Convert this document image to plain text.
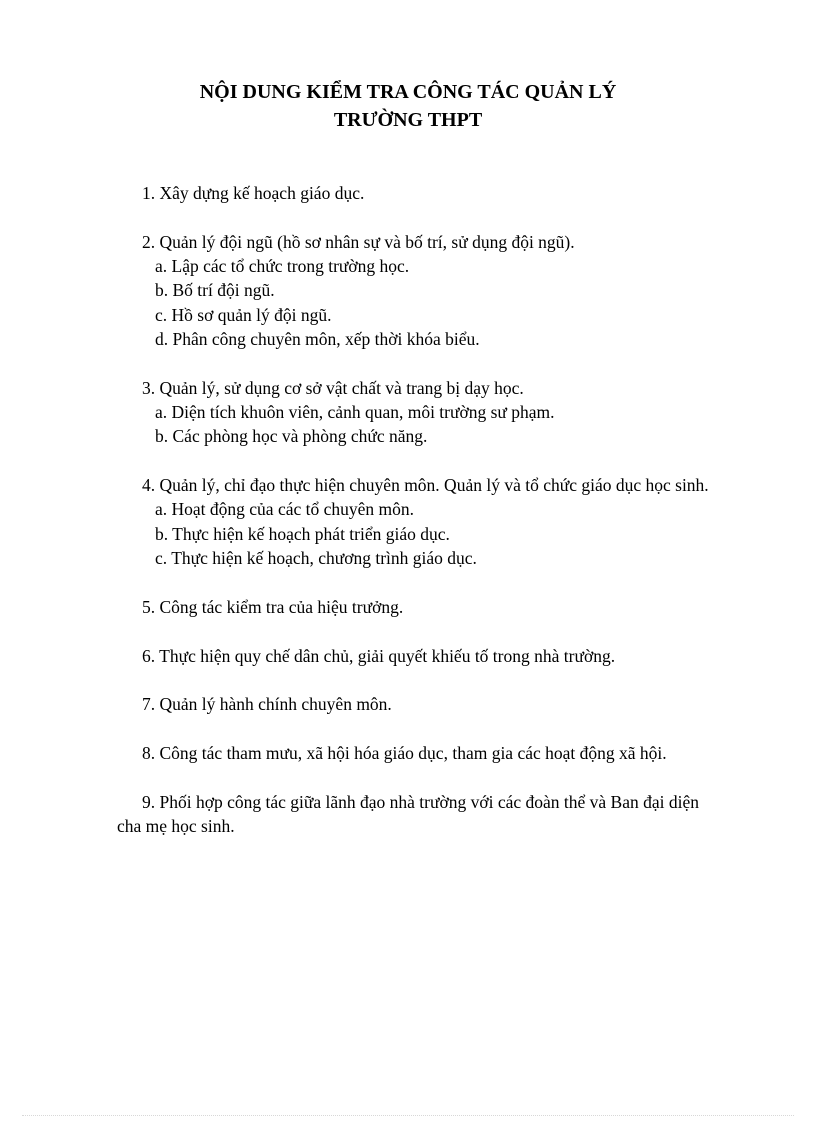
NỘI DUNG KIỂM TRA CÔNG TÁC QUẢN LÝ
TRƯỜNG THPT

1. Xây dựng kế hoạch giáo dục.

2. Quản lý đội ngũ (hồ sơ nhân sự và bố trí, sử dụng đội ngũ).

a. Lập các tổ chức trong trường học.

b. Bố trí đội ngũ.

c. Hồ sơ quản lý đội ngũ.

d. Phân công chuyên môn, xếp thời khóa biểu.

3. Quản lý, sử dụng cơ sở vật chất và trang bị dạy học.

a. Diện tích khuôn viên, cảnh quan, môi trường sư phạm.

b. Các phòng học và phòng chức năng.

4. Quản lý, chỉ đạo thực hiện chuyên môn. Quản lý và tổ chức giáo dục học sinh.

a. Hoạt động của các tổ chuyên môn.

b. Thực hiện kế hoạch phát triển giáo dục.

c. Thực hiện kế hoạch, chương trình giáo dục.

5. Công tác kiểm tra của hiệu trưởng.

6. Thực hiện quy chế dân chủ, giải quyết khiếu tố trong nhà trường.

7. Quản lý hành chính chuyên môn.

8. Công tác tham mưu, xã hội hóa giáo dục, tham gia các hoạt động xã hội.

9. Phối hợp công tác giữa lãnh đạo nhà trường với các đoàn thể và Ban đại diện cha mẹ học sinh.
